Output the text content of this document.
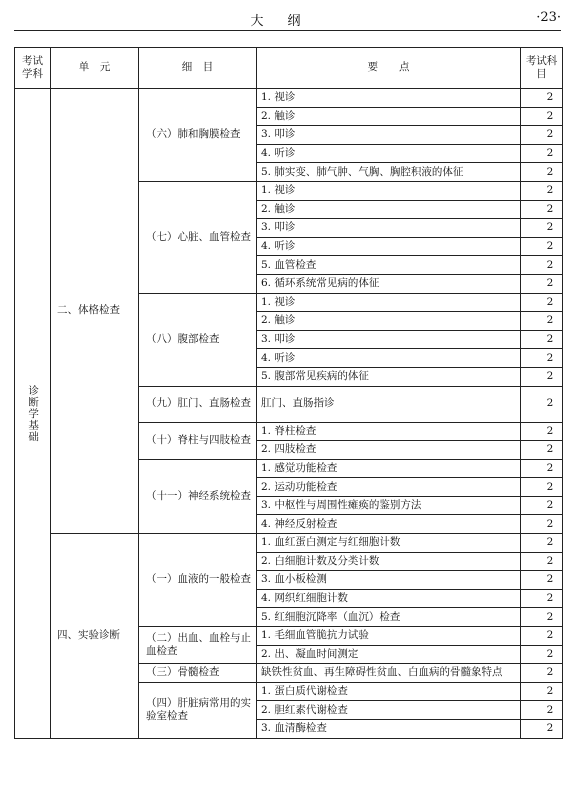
大纲	·23·
考试学科	单　元	细　目	要　　点	考试科目

诊断学基础	二、体格检查	（六）肺和胸膜检查	1. 视诊	2
			2. 触诊	2
			3. 叩诊	2
			4. 听诊	2
			5. 肺实变、肺气肿、气胸、胸腔积液的体征	2
		（七）心脏、血管检查	1. 视诊	2
			2. 触诊	2
			3. 叩诊	2
			4. 听诊	2
			5. 血管检查	2
			6. 循环系统常见病的体征	2
		（八）腹部检查	1. 视诊	2
			2. 触诊	2
			3. 叩诊	2
			4. 听诊	2
			5. 腹部常见疾病的体征	2
		（九）肛门、直肠检查	肛门、直肠指诊	2
		（十）脊柱与四肢检查	1. 脊柱检查	2
			2. 四肢检查	2
		（十一）神经系统检查	1. 感觉功能检查	2
			2. 运动功能检查	2
			3. 中枢性与周围性瘫痪的鉴别方法	2
			4. 神经反射检查	2
	四、实验诊断	（一）血液的一般检查	1. 血红蛋白测定与红细胞计数	2
			2. 白细胞计数及分类计数	2
			3. 血小板检测	2
			4. 网织红细胞计数	2
			5. 红细胞沉降率（血沉）检查	2
		（二）出血、血栓与止血检查	1. 毛细血管脆抗力试验	2
			2. 出、凝血时间测定	2
		（三）骨髓检查	缺铁性贫血、再生障碍性贫血、白血病的骨髓象特点	2
		（四）肝脏病常用的实验室检查	1. 蛋白质代谢检查	2
			2. 胆红素代谢检查	2
			3. 血清酶检查	2
